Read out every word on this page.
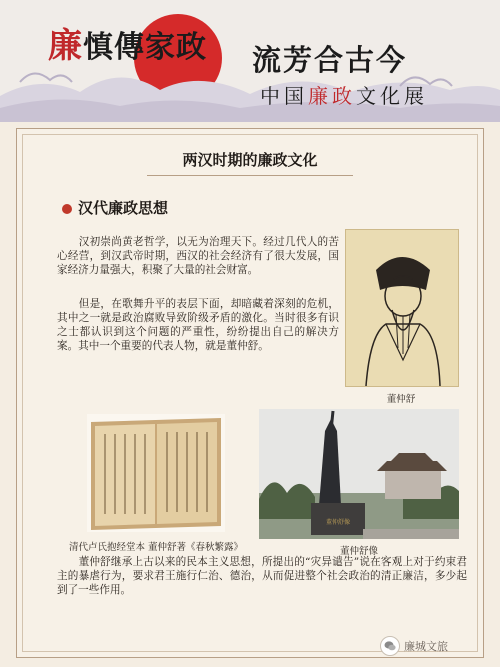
廉慎傳家政 流芳合古今
中国廉政文化展
两汉时期的廉政文化
汉代廉政思想

　　汉初崇尚黄老哲学，以无为治理天下。经过几代人的苦心经营，到汉武帝时期，西汉的社会经济有了很大发展，国家经济力量强大，积聚了大量的社会财富。

　　但是，在歌舞升平的表层下面，却暗藏着深刻的危机，其中之一就是政治腐败导致阶级矛盾的激化。当时很多有识之士都认识到这个问题的严重性，纷纷提出自己的解决方案。其中一个重要的代表人物，就是董仲舒。

董仲舒
清代卢氏抱经堂本 董仲舒著《春秋繁露》
董仲舒像
董仲舒像

　　董仲舒继承上古以来的民本主义思想，所提出的“灾异谴告”说在客观上对于约束君主的暴虐行为，要求君王施行仁治、德治，从而促进整个社会政治的清正廉洁，多少起到了一些作用。

廉城文旅
